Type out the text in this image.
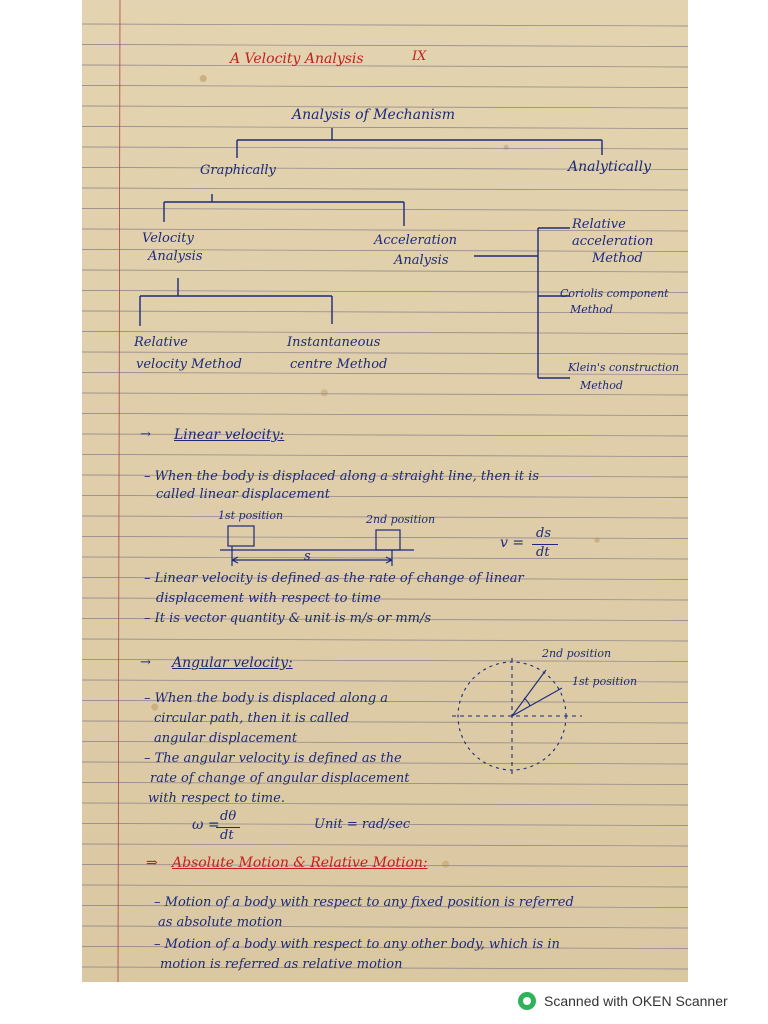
A Velocity Analysis	IX
Analysis of Mechanism
Graphically	Analytically
Velocity
Analysis
Acceleration
Analysis
Relative
velocity Method
Instantaneous
centre Method
Relative
acceleration
Method
Coriolis component
Method
Klein's construction
Method
→ Linear velocity:
– When the body is displaced along a straight line, then it is
called linear displacement
1st position	2nd position
s
v =
ds
dt
– Linear velocity is defined as the rate of change of linear
displacement with respect to time
– It is vector quantity & unit is m/s or mm/s
→ Angular velocity:
– When the body is displaced along a
circular path, then it is called
angular displacement
– The angular velocity is defined as the
rate of change of angular displacement
with respect to time.
ω =
dθ
dt
Unit = rad/sec
2nd position
1st position
⇒ Absolute Motion & Relative Motion:
– Motion of a body with respect to any fixed position is referred
as absolute motion
– Motion of a body with respect to any other body, which is in
motion is referred as relative motion
Scanned with OKEN Scanner
